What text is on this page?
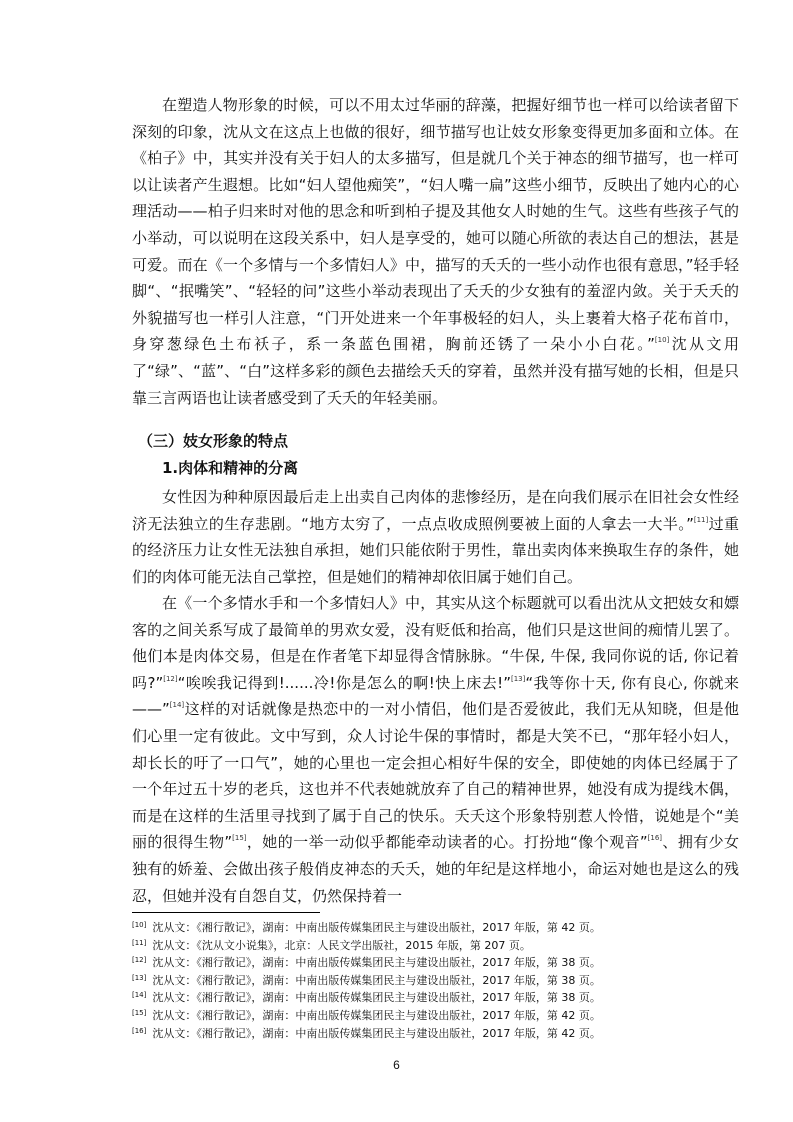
在塑造人物形象的时候，可以不用太过华丽的辞藻，把握好细节也一样可以给读者留下深刻的印象，沈从文在这点上也做的很好，细节描写也让妓女形象变得更加多面和立体。在《柏子》中，其实并没有关于妇人的太多描写，但是就几个关于神态的细节描写，也一样可以让读者产生遐想。比如“妇人望他痴笑”，“妇人嘴一扁”这些小细节，反映出了她内心的心理活动——柏子归来时对他的思念和听到柏子提及其他女人时她的生气。这些有些孩子气的小举动，可以说明在这段关系中，妇人是享受的，她可以随心所欲的表达自己的想法，甚是可爱。而在《一个多情与一个多情妇人》中，描写的夭夭的一些小动作也很有意思，”轻手轻脚“、“抿嘴笑”、“轻轻的问”这些小举动表现出了夭夭的少女独有的羞涩内敛。关于夭夭的外貌描写也一样引人注意，“门开处进来一个年事极轻的妇人，头上裹着大格子花布首巾，身穿葱绿色土布袄子，系一条蓝色围裙，胸前还锈了一朵小小白花。”[10]沈从文用了“绿”、“蓝”、“白”这样多彩的颜色去描绘夭夭的穿着，虽然并没有描写她的长相，但是只靠三言两语也让读者感受到了夭夭的年轻美丽。

（三）妓女形象的特点
1.肉体和精神的分离

女性因为种种原因最后走上出卖自己肉体的悲惨经历，是在向我们展示在旧社会女性经济无法独立的生存悲剧。“地方太穷了，一点点收成照例要被上面的人拿去一大半。”[11]过重的经济压力让女性无法独自承担，她们只能依附于男性，靠出卖肉体来换取生存的条件，她们的肉体可能无法自己掌控，但是她们的精神却依旧属于她们自己。

在《一个多情水手和一个多情妇人》中，其实从这个标题就可以看出沈从文把妓女和嫖客的之间关系写成了最简单的男欢女爱，没有贬低和抬高，他们只是这世间的痴情儿罢了。他们本是肉体交易，但是在作者笔下却显得含情脉脉。“牛保, 牛保, 我同你说的话, 你记着吗?”[12]“唉唉我记得到!......冷!你是怎么的啊!快上床去!”[13]“我等你十天, 你有良心, 你就来——”[14]这样的对话就像是热恋中的一对小情侣，他们是否爱彼此，我们无从知晓，但是他们心里一定有彼此。文中写到，众人讨论牛保的事情时，都是大笑不已，“那年轻小妇人，却长长的吁了一口气”，她的心里也一定会担心相好牛保的安全，即使她的肉体已经属于了一个年过五十岁的老兵，这也并不代表她就放弃了自己的精神世界，她没有成为提线木偶，而是在这样的生活里寻找到了属于自己的快乐。夭夭这个形象特别惹人怜惜，说她是个“美丽的很得生物”[15]，她的一举一动似乎都能牵动读者的心。打扮地“像个观音”[16]、拥有少女独有的娇羞、会做出孩子般俏皮神态的夭夭，她的年纪是这样地小，命运对她也是这么的残忍，但她并没有自怨自艾，仍然保持着一

[10] 沈从文：《湘行散记》，湖南：中南出版传媒集团民主与建设出版社，2017 年版，第 42 页。

[11] 沈从文：《沈从文小说集》，北京：人民文学出版社，2015 年版，第 207 页。

[12] 沈从文：《湘行散记》，湖南：中南出版传媒集团民主与建设出版社，2017 年版，第 38 页。

[13] 沈从文：《湘行散记》，湖南：中南出版传媒集团民主与建设出版社，2017 年版，第 38 页。

[14] 沈从文：《湘行散记》，湖南：中南出版传媒集团民主与建设出版社，2017 年版，第 38 页。

[15] 沈从文：《湘行散记》，湖南：中南出版传媒集团民主与建设出版社，2017 年版，第 42 页。

[16] 沈从文：《湘行散记》，湖南：中南出版传媒集团民主与建设出版社，2017 年版，第 42 页。

6
